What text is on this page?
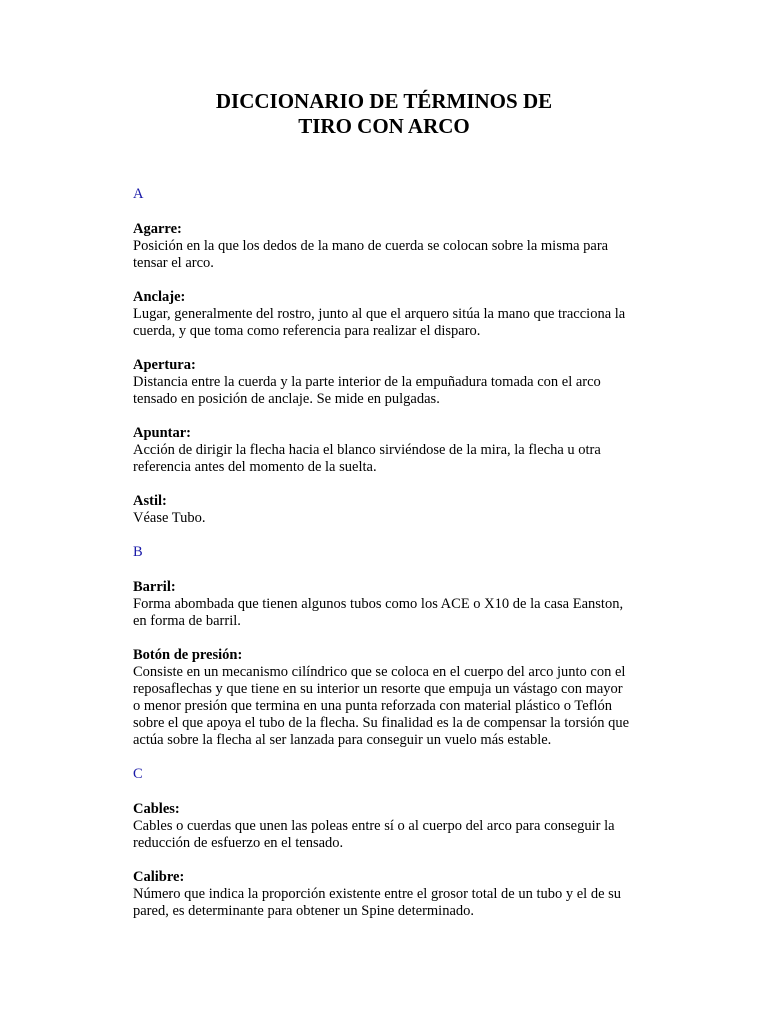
DICCIONARIO DE TÉRMINOS DE
TIRO CON ARCO
A
Agarre:
Posición en la que los dedos de la mano de cuerda se colocan sobre la misma para tensar el arco.
Anclaje:
Lugar, generalmente del rostro, junto al que el arquero sitúa la mano que tracciona la cuerda, y que toma como referencia para realizar el disparo.
Apertura:
Distancia entre la cuerda y la parte interior de la empuñadura tomada con el arco tensado en posición de anclaje. Se mide en pulgadas.
Apuntar:
Acción de dirigir la flecha hacia el blanco sirviéndose de la mira, la flecha u otra referencia antes del momento de la suelta.
Astil:
Véase Tubo.
B
Barril:
Forma abombada que tienen algunos tubos como los ACE o X10 de la casa Eanston, en forma de barril.
Botón de presión:
Consiste en un mecanismo cilíndrico que se coloca en el cuerpo del arco junto con el reposaflechas y que tiene en su interior un resorte que empuja un vástago con mayor o menor presión que termina en una punta reforzada con material plástico o Teflón sobre el que apoya el tubo de la flecha. Su finalidad es la de compensar la torsión que actúa sobre la flecha al ser lanzada para conseguir un vuelo más estable.
C
Cables:
Cables o cuerdas que unen las poleas entre sí o al cuerpo del arco para conseguir la reducción de esfuerzo en el tensado.
Calibre:
Número que indica la proporción existente entre el grosor total de un tubo y el de su pared, es determinante para obtener un Spine determinado.
